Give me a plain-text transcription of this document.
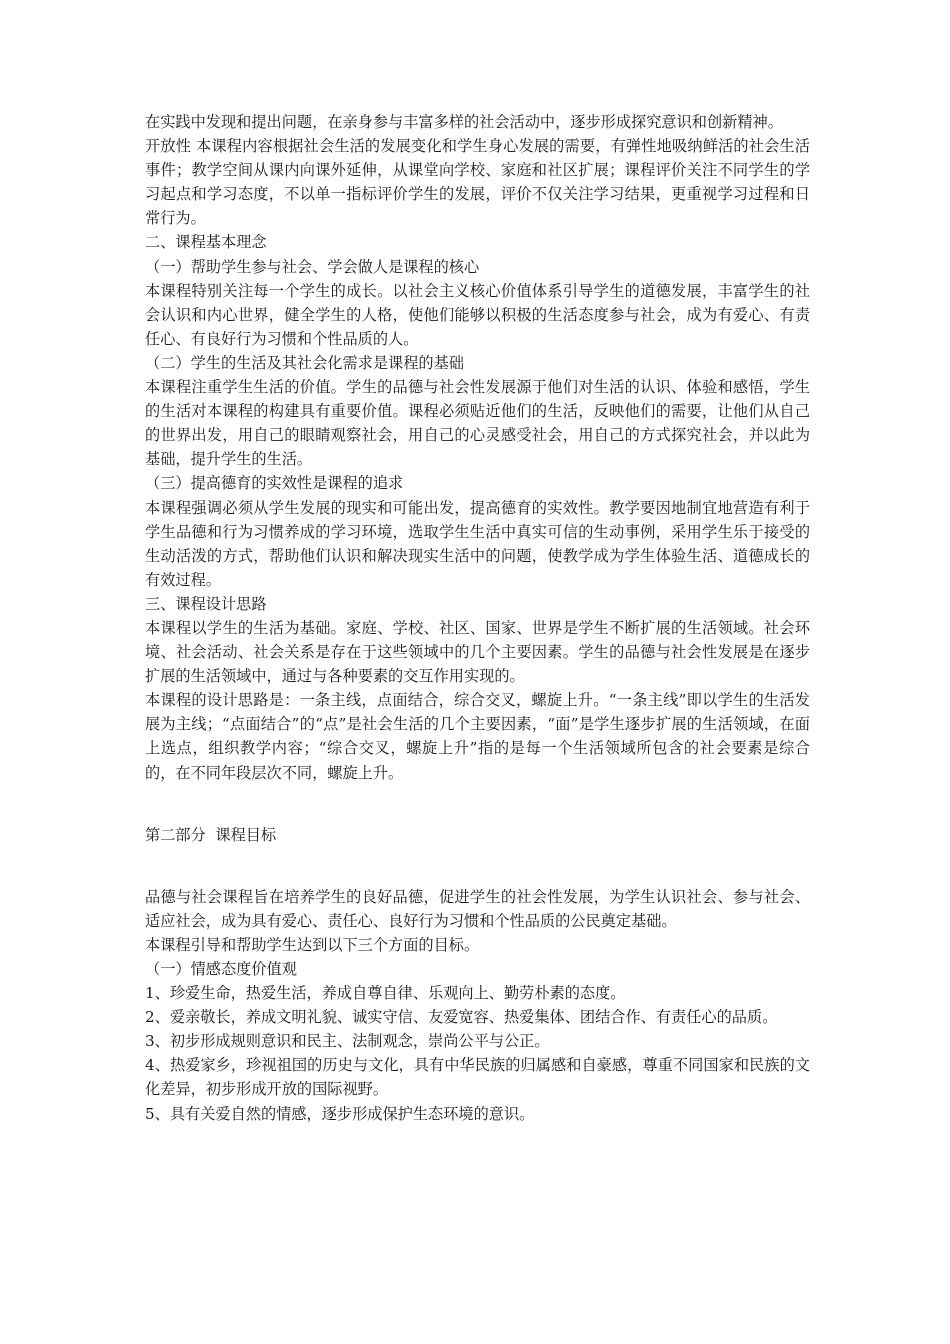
在实践中发现和提出问题，在亲身参与丰富多样的社会活动中，逐步形成探究意识和创新精神。

开放性 本课程内容根据社会生活的发展变化和学生身心发展的需要，有弹性地吸纳鲜活的社会生活事件；教学空间从课内向课外延伸，从课堂向学校、家庭和社区扩展；课程评价关注不同学生的学习起点和学习态度，不以单一指标评价学生的发展，评价不仅关注学习结果，更重视学习过程和日常行为。

二、课程基本理念

（一）帮助学生参与社会、学会做人是课程的核心

本课程特别关注每一个学生的成长。以社会主义核心价值体系引导学生的道德发展，丰富学生的社会认识和内心世界，健全学生的人格，使他们能够以积极的生活态度参与社会，成为有爱心、有责任心、有良好行为习惯和个性品质的人。

（二）学生的生活及其社会化需求是课程的基础

本课程注重学生生活的价值。学生的品德与社会性发展源于他们对生活的认识、体验和感悟，学生的生活对本课程的构建具有重要价值。课程必须贴近他们的生活，反映他们的需要，让他们从自己的世界出发，用自己的眼睛观察社会，用自己的心灵感受社会，用自己的方式探究社会，并以此为基础，提升学生的生活。

（三）提高德育的实效性是课程的追求

本课程强调必须从学生发展的现实和可能出发，提高德育的实效性。教学要因地制宜地营造有利于学生品德和行为习惯养成的学习环境，选取学生生活中真实可信的生动事例，采用学生乐于接受的生动活泼的方式，帮助他们认识和解决现实生活中的问题，使教学成为学生体验生活、道德成长的有效过程。

三、课程设计思路

本课程以学生的生活为基础。家庭、学校、社区、国家、世界是学生不断扩展的生活领域。社会环境、社会活动、社会关系是存在于这些领域中的几个主要因素。学生的品德与社会性发展是在逐步扩展的生活领域中，通过与各种要素的交互作用实现的。

本课程的设计思路是：一条主线，点面结合，综合交叉，螺旋上升。“一条主线”即以学生的生活发展为主线；“点面结合”的“点”是社会生活的几个主要因素，“面”是学生逐步扩展的生活领域，在面上选点，组织教学内容；“综合交叉，螺旋上升”指的是每一个生活领域所包含的社会要素是综合的，在不同年段层次不同，螺旋上升。

第二部分  课程目标

品德与社会课程旨在培养学生的良好品德，促进学生的社会性发展，为学生认识社会、参与社会、适应社会，成为具有爱心、责任心、良好行为习惯和个性品质的公民奠定基础。

本课程引导和帮助学生达到以下三个方面的目标。

（一）情感态度价值观

1、珍爱生命，热爱生活，养成自尊自律、乐观向上、勤劳朴素的态度。

2、爱亲敬长，养成文明礼貌、诚实守信、友爱宽容、热爱集体、团结合作、有责任心的品质。

3、初步形成规则意识和民主、法制观念，崇尚公平与公正。

4、热爱家乡，珍视祖国的历史与文化，具有中华民族的归属感和自豪感，尊重不同国家和民族的文化差异，初步形成开放的国际视野。

5、具有关爱自然的情感，逐步形成保护生态环境的意识。
